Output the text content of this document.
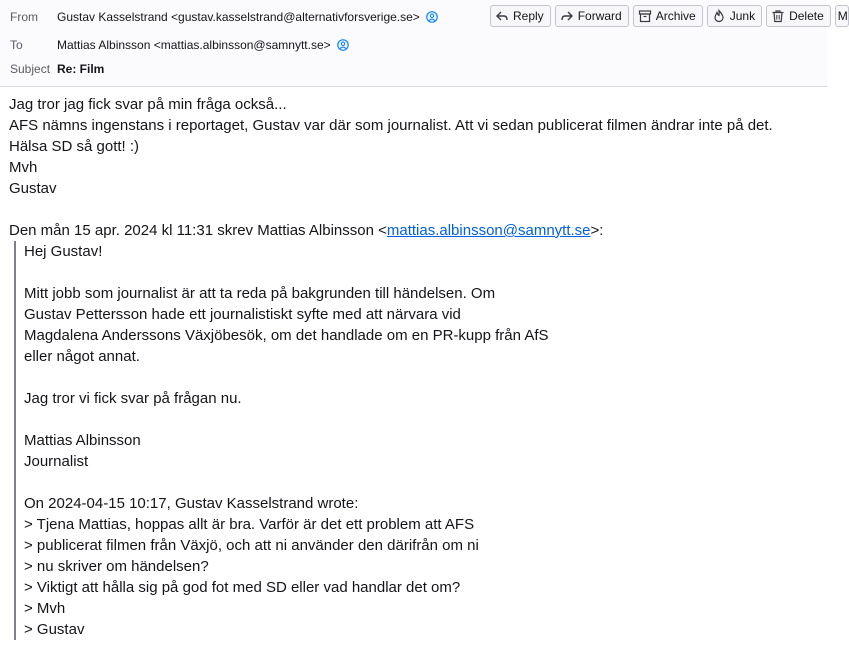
From Gustav Kasselstrand <gustav.kasselstrand@alternativforsverige.se>
To	Mattias Albinsson <mattias.albinsson@samnytt.se>
Subject Re: Film
Reply	Forward	Archive	Junk	Delete M
Jag tror jag fick svar på min fråga också...
AFS nämns ingenstans i reportaget, Gustav var där som journalist. Att vi sedan publicerat filmen ändrar inte på det.
Hälsa SD så gott! :)
Mvh
Gustav
Den mån 15 apr. 2024 kl 11:31 skrev Mattias Albinsson <mattias.albinsson@samnytt.se>:
Hej Gustav!
Mitt jobb som journalist är att ta reda på bakgrunden till händelsen. Om
Gustav Pettersson hade ett journalistiskt syfte med att närvara vid
Magdalena Anderssons Växjöbesök, om det handlade om en PR-kupp från AfS
eller något annat.
Jag tror vi fick svar på frågan nu.
Mattias Albinsson
Journalist
On 2024-04-15 10:17, Gustav Kasselstrand wrote:
> Tjena Mattias, hoppas allt är bra. Varför är det ett problem att AFS
> publicerat filmen från Växjö, och att ni använder den därifrån om ni
> nu skriver om händelsen?
> Viktigt att hålla sig på god fot med SD eller vad handlar det om?
> Mvh
> Gustav
